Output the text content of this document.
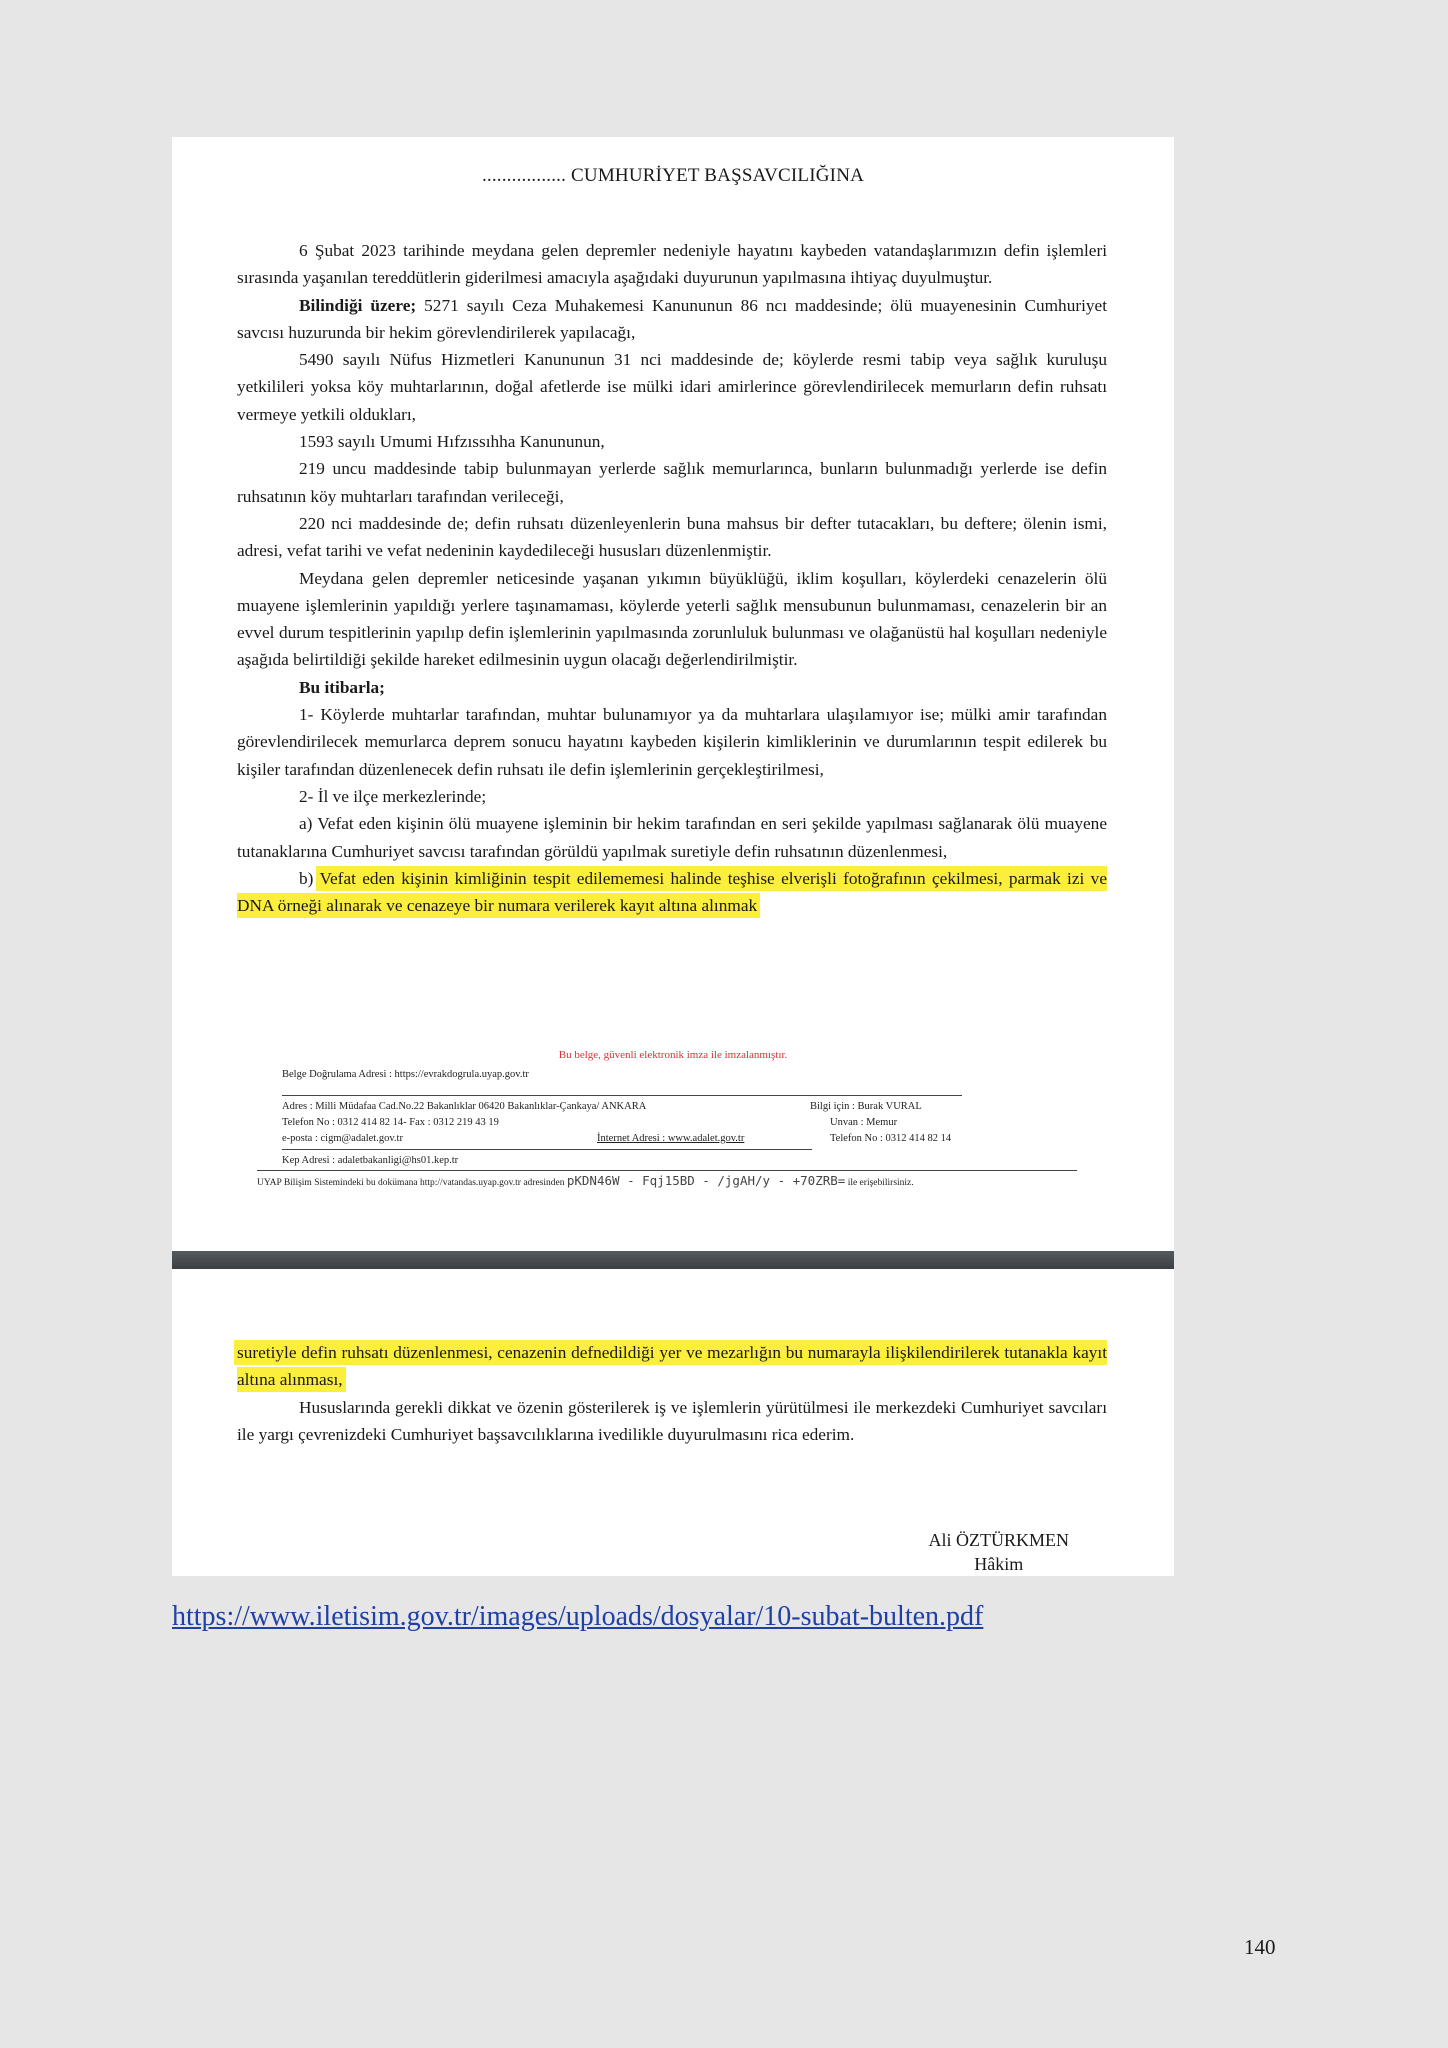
................. CUMHURİYET BAŞSAVCILIĞINA

6 Şubat 2023 tarihinde meydana gelen depremler nedeniyle hayatını kaybeden vatandaşlarımızın defin işlemleri sırasında yaşanılan tereddütlerin giderilmesi amacıyla aşağıdaki duyurunun yapılmasına ihtiyaç duyulmuştur.

Bilindiği üzere; 5271 sayılı Ceza Muhakemesi Kanununun 86 ncı maddesinde; ölü muayenesinin Cumhuriyet savcısı huzurunda bir hekim görevlendirilerek yapılacağı,

5490 sayılı Nüfus Hizmetleri Kanununun 31 nci maddesinde de; köylerde resmi tabip veya sağlık kuruluşu yetkilileri yoksa köy muhtarlarının, doğal afetlerde ise mülki idari amirlerince görevlendirilecek memurların defin ruhsatı vermeye yetkili oldukları,

1593 sayılı Umumi Hıfzıssıhha Kanununun,

219 uncu maddesinde tabip bulunmayan yerlerde sağlık memurlarınca, bunların bulunmadığı yerlerde ise defin ruhsatının köy muhtarları tarafından verileceği,

220 nci maddesinde de; defin ruhsatı düzenleyenlerin buna mahsus bir defter tutacakları, bu deftere; ölenin ismi, adresi, vefat tarihi ve vefat nedeninin kaydedileceği hususları düzenlenmiştir.

Meydana gelen depremler neticesinde yaşanan yıkımın büyüklüğü, iklim koşulları, köylerdeki cenazelerin ölü muayene işlemlerinin yapıldığı yerlere taşınamaması, köylerde yeterli sağlık mensubunun bulunmaması, cenazelerin bir an evvel durum tespitlerinin yapılıp defin işlemlerinin yapılmasında zorunluluk bulunması ve olağanüstü hal koşulları nedeniyle aşağıda belirtildiği şekilde hareket edilmesinin uygun olacağı değerlendirilmiştir.

Bu itibarla;

1- Köylerde muhtarlar tarafından, muhtar bulunamıyor ya da muhtarlara ulaşılamıyor ise; mülki amir tarafından görevlendirilecek memurlarca deprem sonucu hayatını kaybeden kişilerin kimliklerinin ve durumlarının tespit edilerek bu kişiler tarafından düzenlenecek defin ruhsatı ile defin işlemlerinin gerçekleştirilmesi,

2- İl ve ilçe merkezlerinde;

a) Vefat eden kişinin ölü muayene işleminin bir hekim tarafından en seri şekilde yapılması sağlanarak ölü muayene tutanaklarına Cumhuriyet savcısı tarafından görüldü yapılmak suretiyle defin ruhsatının düzenlenmesi,

b) Vefat eden kişinin kimliğinin tespit edilememesi halinde teşhise elverişli fotoğrafının çekilmesi, parmak izi ve DNA örneği alınarak ve cenazeye bir numara verilerek kayıt altına alınmak

Bu belge, güvenli elektronik imza ile imzalanmıştır.
Belge Doğrulama Adresi : https://evrakdogrula.uyap.gov.tr
Adres : Milli Müdafaa Cad.No.22 Bakanlıklar 06420 Bakanlıklar-Çankaya/ ANKARA	Bilgi için : Burak VURAL
Telefon No : 0312 414 82 14- Fax : 0312 219 43 19	Unvan : Memur
e-posta : cigm@adalet.gov.tr	İnternet Adresi : www.adalet.gov.tr	Telefon No : 0312 414 82 14
Kep Adresi : adaletbakanligi@hs01.kep.tr
UYAP Bilişim Sistemindeki bu dokümana http://vatandas.uyap.gov.tr adresinden pKDN46W - Fqj15BD - /jgAH/y - +70ZRB= ile erişebilirsiniz.

suretiyle defin ruhsatı düzenlenmesi, cenazenin defnedildiği yer ve mezarlığın bu numarayla ilişkilendirilerek tutanakla kayıt altına alınması,

Hususlarında gerekli dikkat ve özenin gösterilerek iş ve işlemlerin yürütülmesi ile merkezdeki Cumhuriyet savcıları ile yargı çevrenizdeki Cumhuriyet başsavcılıklarına ivedilikle duyurulmasını rica ederim.

Ali ÖZTÜRKMEN
Hâkim
https://www.iletisim.gov.tr/images/uploads/dosyalar/10-subat-bulten.pdf
140
